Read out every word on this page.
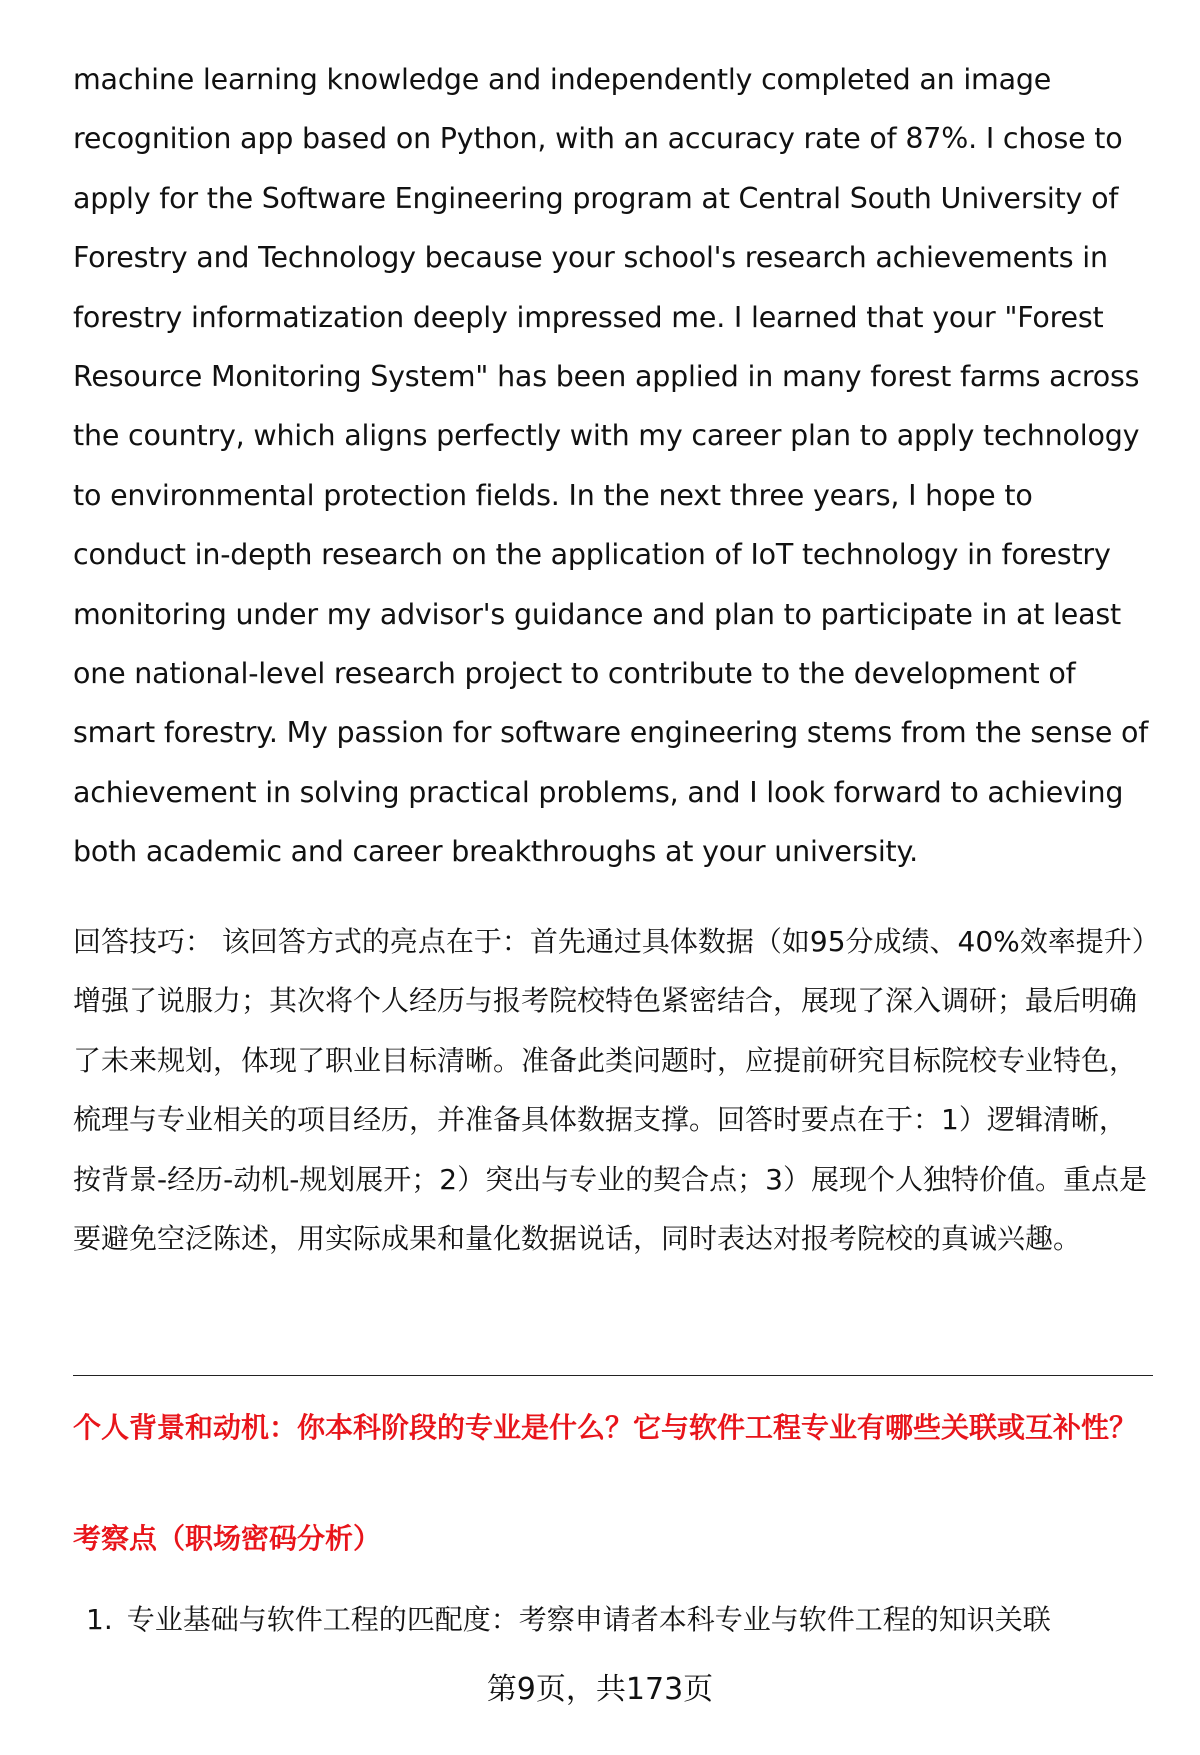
machine learning knowledge and independently completed an image recognition app based on Python, with an accuracy rate of 87%. I chose to apply for the Software Engineering program at Central South University of Forestry and Technology because your school's research achievements in forestry informatization deeply impressed me. I learned that your "Forest Resource Monitoring System" has been applied in many forest farms across the country, which aligns perfectly with my career plan to apply technology to environmental protection fields. In the next three years, I hope to conduct in-depth research on the application of IoT technology in forestry monitoring under my advisor's guidance and plan to participate in at least one national-level research project to contribute to the development of smart forestry. My passion for software engineering stems from the sense of achievement in solving practical problems, and I look forward to achieving both academic and career breakthroughs at your university.

回答技巧： 该回答方式的亮点在于：首先通过具体数据（如95分成绩、40%效率提升）增强了说服力；其次将个人经历与报考院校特色紧密结合，展现了深入调研；最后明确了未来规划，体现了职业目标清晰。准备此类问题时，应提前研究目标院校专业特色，梳理与专业相关的项目经历，并准备具体数据支撑。回答时要点在于：1）逻辑清晰，按背景-经历-动机-规划展开；2）突出与专业的契合点；3）展现个人独特价值。重点是要避免空泛陈述，用实际成果和量化数据说话，同时表达对报考院校的真诚兴趣。

个人背景和动机：你本科阶段的专业是什么？它与软件工程专业有哪些关联或互补性？

考察点（职场密码分析）

1. 专业基础与软件工程的匹配度：考察申请者本科专业与软件工程的知识关联
第9页，共173页
